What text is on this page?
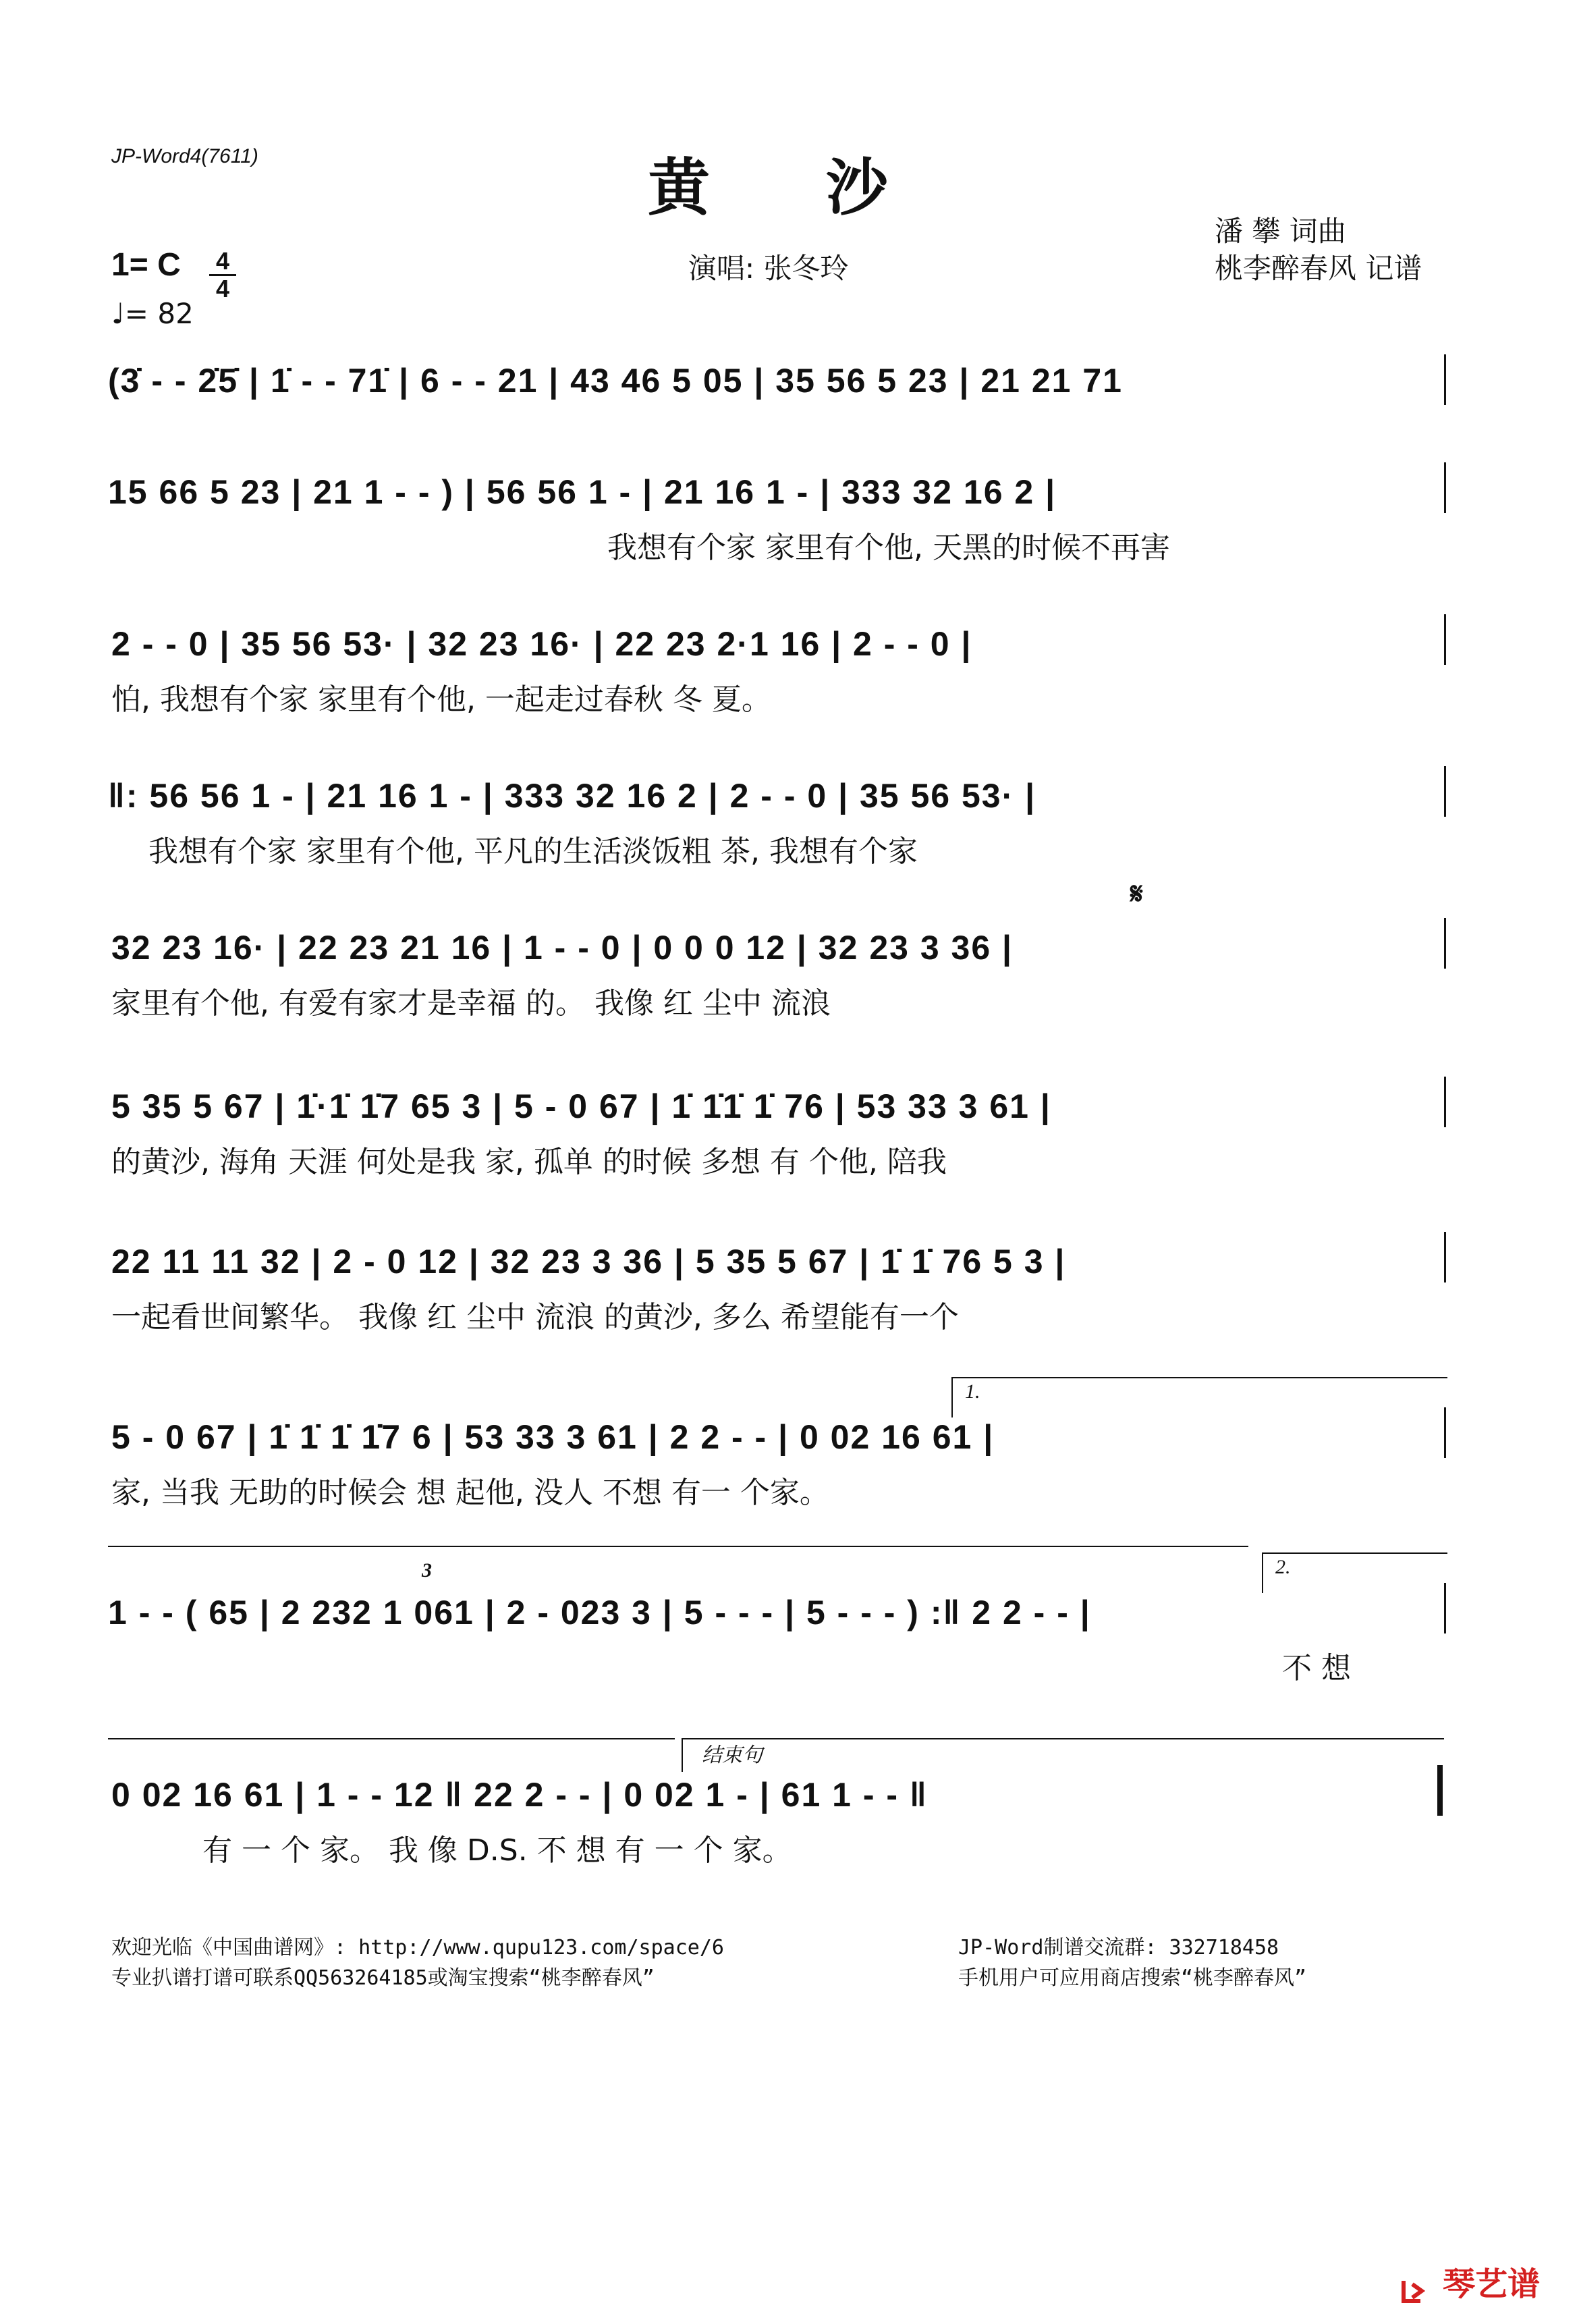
JP-Word4(7611)	黄 沙
潘 攀 词曲
桃李醉春风 记谱
演唱: 张冬玲
1= C 4
4
♩= 82
(3̇ - - 2̇5̇ | 1̇ - - 71̇ | 6 - - 21 | 43 46 5 05 | 35 56 5 23 | 21 21 71
15 66 5 23 | 21 1 - - ) | 56 56 1 - | 21 16 1 - | 333 32 16 2 |
我想有个家 家里有个他, 天黑的时候不再害
2 - - 0 | 35 56 53· | 32 23 16· | 22 23 2·1 16 | 2 - - 0 |
怕, 我想有个家 家里有个他, 一起走过春秋 冬 夏。
‖: 56 56 1 - | 21 16 1 - | 333 32 16 2 | 2 - - 0 | 35 56 53· |
我想有个家 家里有个他, 平凡的生活淡饭粗 茶, 我想有个家
𝄋
32 23 16· | 22 23 21 16 | 1 - - 0 | 0 0 0 12 | 32 23 3 36 |
家里有个他, 有爱有家才是幸福 的。 我像 红 尘中 流浪
5 35 5 67 | 1̇·1̇ 1̇7 65 3 | 5 - 0 67 | 1̇ 1̇1̇ 1̇ 76 | 53 33 3 61 |
的黄沙, 海角 天涯 何处是我 家, 孤单 的时候 多想 有 个他, 陪我
22 11 11 32 | 2 - 0 12 | 32 23 3 36 | 5 35 5 67 | 1̇ 1̇ 76 5 3 |
一起看世间繁华。 我像 红 尘中 流浪 的黄沙, 多么 希望能有一个
1.
5 - 0 67 | 1̇ 1̇ 1̇ 1̇7 6 | 53 33 3 61 | 2 2 - - | 0 02 16 61 |
家, 当我 无助的时候会 想 起他, 没人 不想 有一 个家。
2.
3
1 - - ( 65 | 2 232 1 061 | 2 - 023 3 | 5 - - - | 5 - - - ) :‖ 2 2 - - |
不 想
结束句
0 02 16 61 | 1 - - 12 ‖ 22 2 - - | 0 02 1 - | 61 1 - - ‖
有 一 个 家。 我 像 D.S. 不 想 有 一 个 家。
欢迎光临《中国曲谱网》: http://www.qupu123.com/space/6
专业扒谱打谱可联系QQ563264185或淘宝搜索“桃李醉春风”
JP-Word制谱交流群: 332718458
手机用户可应用商店搜索“桃李醉春风”
琴艺谱
